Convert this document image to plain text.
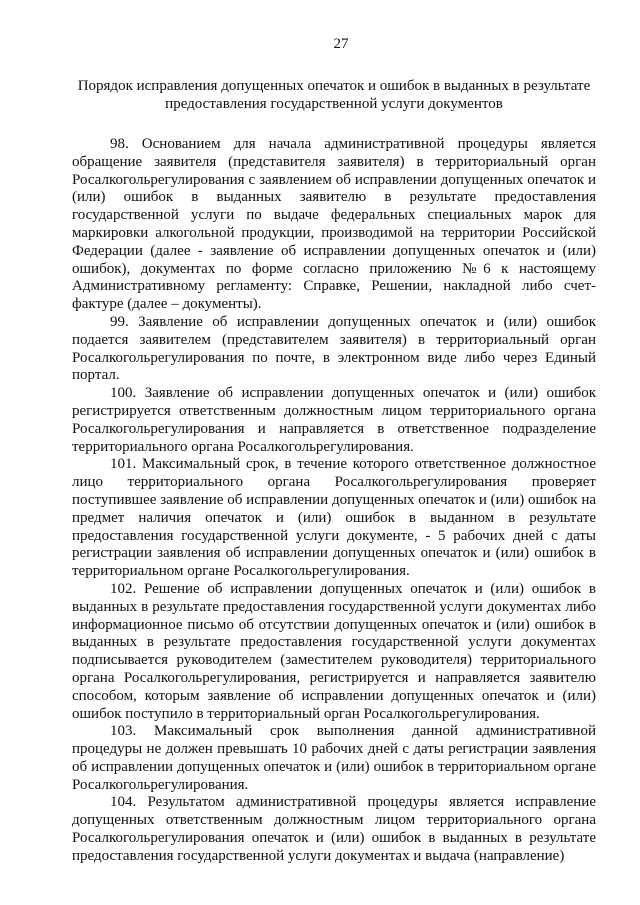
27
Порядок исправления допущенных опечаток и ошибок в выданных в результате предоставления государственной услуги документов

98. Основанием для начала административной процедуры является обращение заявителя (представителя заявителя) в территориальный орган Росалкогольрегулирования с заявлением об исправлении допущенных опечаток и (или) ошибок в выданных заявителю в результате предоставления государственной услуги по выдаче федеральных специальных марок для маркировки алкогольной продукции, производимой на территории Российской Федерации (далее - заявление об исправлении допущенных опечаток и (или) ошибок), документах по форме согласно приложению №6 к настоящему Административному регламенту: Справке, Решении, накладной либо счет-фактуре (далее – документы).

99. Заявление об исправлении допущенных опечаток и (или) ошибок подается заявителем (представителем заявителя) в территориальный орган Росалкогольрегулирования по почте, в электронном виде либо через Единый портал.

100. Заявление об исправлении допущенных опечаток и (или) ошибок регистрируется ответственным должностным лицом территориального органа Росалкогольрегулирования и направляется в ответственное подразделение территориального органа Росалкогольрегулирования.

101. Максимальный срок, в течение которого ответственное должностное лицо территориального органа Росалкогольрегулирования проверяет поступившее заявление об исправлении допущенных опечаток и (или) ошибок на предмет наличия опечаток и (или) ошибок в выданном в результате предоставления государственной услуги документе, - 5 рабочих дней с даты регистрации заявления об исправлении допущенных опечаток и (или) ошибок в территориальном органе Росалкогольрегулирования.

102. Решение об исправлении допущенных опечаток и (или) ошибок в выданных в результате предоставления государственной услуги документах либо информационное письмо об отсутствии допущенных опечаток и (или) ошибок в выданных в результате предоставления государственной услуги документах подписывается руководителем (заместителем руководителя) территориального органа Росалкогольрегулирования, регистрируется и направляется заявителю способом, которым заявление об исправлении допущенных опечаток и (или) ошибок поступило в территориальный орган Росалкогольрегулирования.

103. Максимальный срок выполнения данной административной процедуры не должен превышать 10 рабочих дней с даты регистрации заявления об исправлении допущенных опечаток и (или) ошибок в территориальном органе Росалкогольрегулирования.

104. Результатом административной процедуры является исправление допущенных ответственным должностным лицом территориального органа Росалкогольрегулирования опечаток и (или) ошибок в выданных в результате предоставления государственной услуги документах и выдача (направление)
